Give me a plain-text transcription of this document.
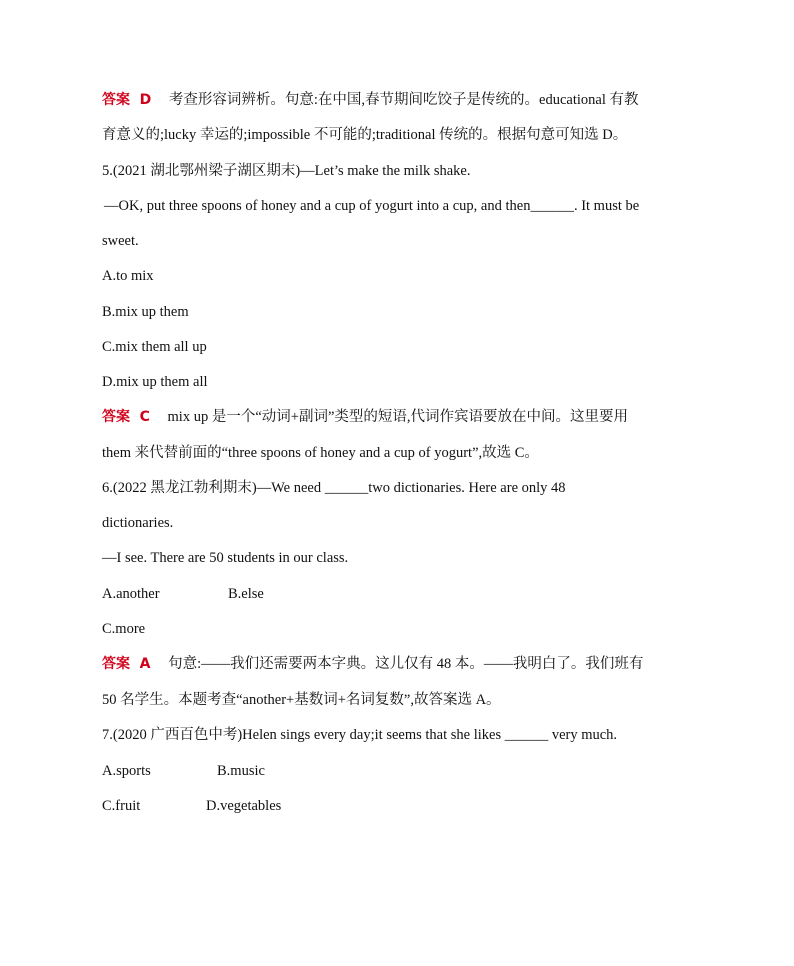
答案 D 考查形容词辨析。句意:在中国,春节期间吃饺子是传统的。educational 有教
育意义的;lucky 幸运的;impossible 不可能的;traditional 传统的。根据句意可知选 D。
5.(2021 湖北鄂州梁子湖区期末)—Let’s make the milk shake.
—OK, put three spoons of honey and a cup of yogurt into a cup, and then______. It must be
sweet.
A.to mix
B.mix up them
C.mix them all up
D.mix up them all
答案 C mix up 是一个“动词+副词”类型的短语,代词作宾语要放在中间。这里要用
them 来代替前面的“three spoons of honey and a cup of yogurt”,故选 C。
6.(2022 黑龙江勃利期末)—We need ______two dictionaries. Here are only 48
dictionaries.
—I see. There are 50 students in our class.
A.another	B.else
C.more
答案 A 句意:——我们还需要两本字典。这儿仅有 48 本。——我明白了。我们班有
50 名学生。本题考查“another+基数词+名词复数”,故答案选 A。
7.(2020 广西百色中考)Helen sings every day;it seems that she likes ______ very much.
A.sports	B.music
C.fruit	D.vegetables
